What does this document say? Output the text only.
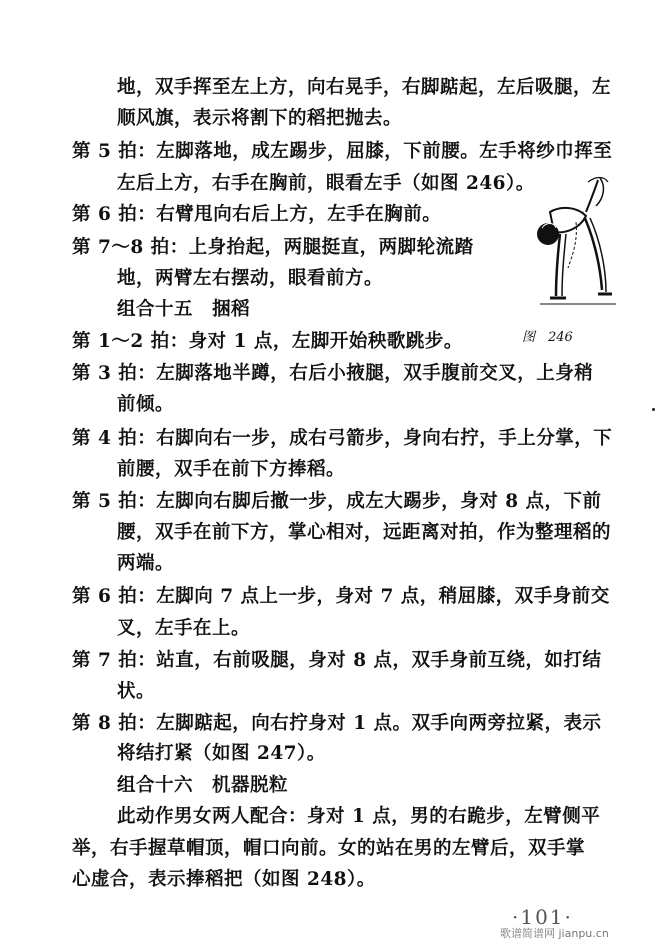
地，双手挥至左上方，向右晃手，右脚踮起，左后吸腿，左
顺风旗，表示将割下的稻把抛去。
第 5 拍：左脚落地，成左踢步，屈膝，下前腰。左手将纱巾挥至
左后上方，右手在胸前，眼看左手（如图 246）。
第 6 拍：右臂甩向右后上方，左手在胸前。
第 7～8 拍：上身抬起，两腿挺直，两脚轮流踏
地，两臂左右摆动，眼看前方。
组合十五　捆稻
第 1～2 拍：身对 1 点，左脚开始秧歌跳步。
第 3 拍：左脚落地半蹲，右后小掖腿，双手腹前交叉，上身稍
前倾。
第 4 拍：右脚向右一步，成右弓箭步，身向右拧，手上分掌，下
前腰，双手在前下方捧稻。
第 5 拍：左脚向右脚后撤一步，成左大踢步，身对 8 点，下前
腰，双手在前下方，掌心相对，远距离对拍，作为整理稻的
两端。
第 6 拍：左脚向 7 点上一步，身对 7 点，稍屈膝，双手身前交
叉，左手在上。
第 7 拍：站直，右前吸腿，身对 8 点，双手身前互绕，如打结
状。
第 8 拍：左脚踮起，向右拧身对 1 点。双手向两旁拉紧，表示
将结打紧（如图 247）。
组合十六　机器脱粒
此动作男女两人配合：身对 1 点，男的右跪步，左臂侧平
举，右手握草帽顶，帽口向前。女的站在男的左臂后，双手掌
心虚合，表示捧稻把（如图 248）。
图　246
·101·
歌谱简谱网 jianpu.cn
